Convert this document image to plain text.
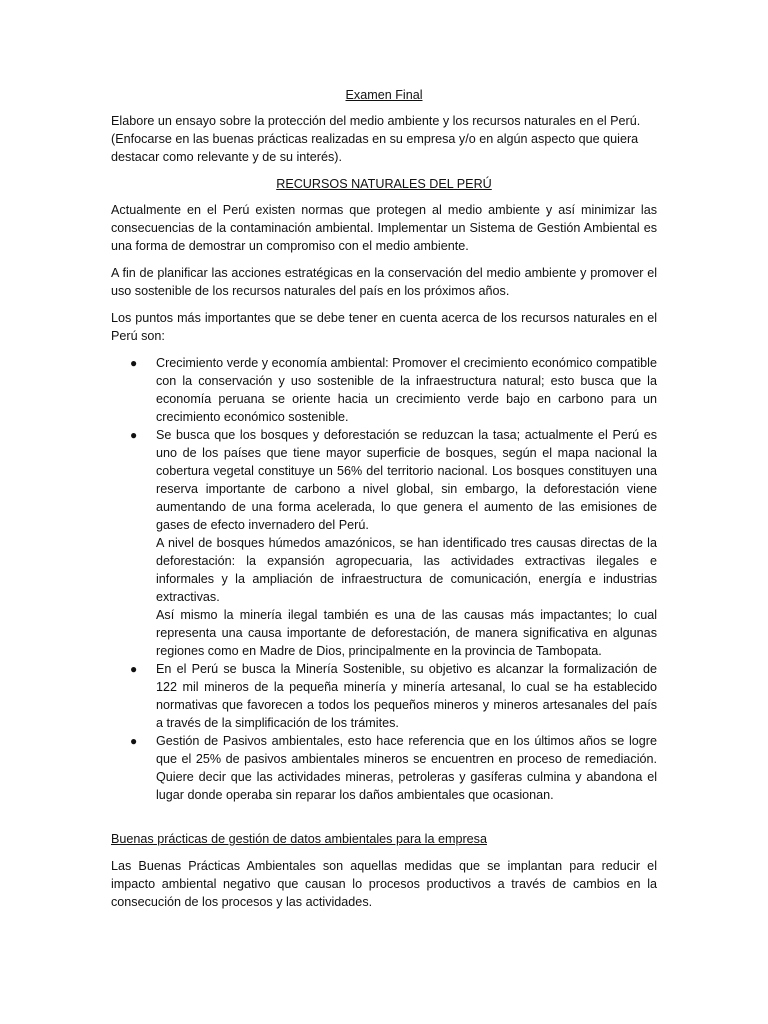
Examen Final

Elabore un ensayo sobre la protección del medio ambiente y los recursos naturales en el Perú.
(Enfocarse en las buenas prácticas realizadas en su empresa y/o en algún aspecto que quiera destacar como relevante y de su interés).

RECURSOS NATURALES DEL PERÚ

Actualmente en el Perú existen normas que protegen al medio ambiente y así minimizar las consecuencias de la contaminación ambiental. Implementar un Sistema de Gestión Ambiental es una forma de demostrar un compromiso con el medio ambiente.

A fin de planificar las acciones estratégicas en la conservación del medio ambiente y promover el uso sostenible de los recursos naturales del país en los próximos años.

Los puntos más importantes que se debe tener en cuenta acerca de los recursos naturales en el Perú son:

● Crecimiento verde y economía ambiental: Promover el crecimiento económico compatible con la conservación y uso sostenible de la infraestructura natural; esto busca que la economía peruana se oriente hacia un crecimiento verde bajo en carbono para un crecimiento económico sostenible.

● Se busca que los bosques y deforestación se reduzcan la tasa; actualmente el Perú es uno de los países que tiene mayor superficie de bosques, según el mapa nacional la cobertura vegetal constituye un 56% del territorio nacional. Los bosques constituyen una reserva importante de carbono a nivel global, sin embargo, la deforestación viene aumentando de una forma acelerada, lo que genera el aumento de las emisiones de gases de efecto invernadero del Perú.

A nivel de bosques húmedos amazónicos, se han identificado tres causas directas de la deforestación: la expansión agropecuaria, las actividades extractivas ilegales e informales y la ampliación de infraestructura de comunicación, energía e industrias extractivas.

Así mismo la minería ilegal también es una de las causas más impactantes; lo cual representa una causa importante de deforestación, de manera significativa en algunas regiones como en Madre de Dios, principalmente en la provincia de Tambopata.

● En el Perú se busca la Minería Sostenible, su objetivo es alcanzar la formalización de 122 mil mineros de la pequeña minería y minería artesanal, lo cual se ha establecido normativas que favorecen a todos los pequeños mineros y mineros artesanales del país a través de la simplificación de los trámites.

● Gestión de Pasivos ambientales, esto hace referencia que en los últimos años se logre que el 25% de pasivos ambientales mineros se encuentren en proceso de remediación. Quiere decir que las actividades mineras, petroleras y gasíferas culmina y abandona el lugar donde operaba sin reparar los daños ambientales que ocasionan.

Buenas prácticas de gestión de datos ambientales para la empresa

Las Buenas Prácticas Ambientales son aquellas medidas que se implantan para reducir el impacto ambiental negativo que causan lo procesos productivos a través de cambios en la consecución de los procesos y las actividades.
